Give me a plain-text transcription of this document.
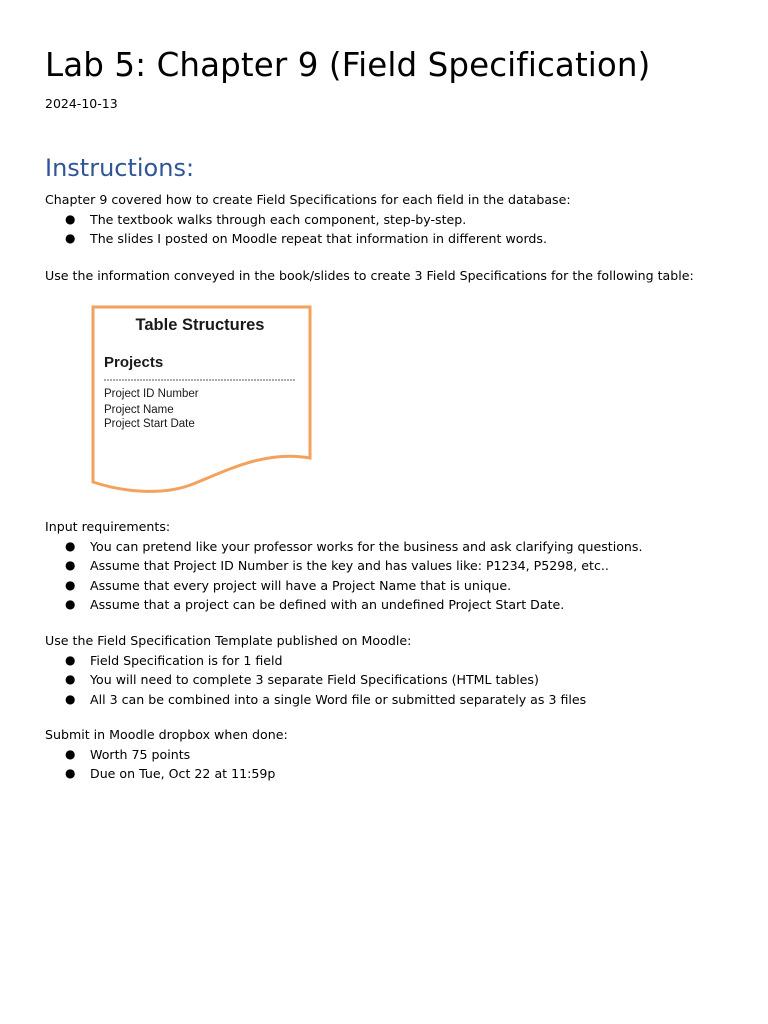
Lab 5: Chapter 9 (Field Specification)
2024-10-13
Instructions:

Chapter 9 covered how to create Field Specifications for each field in the database:

● The textbook walks through each component, step-by-step.
● The slides I posted on Moodle repeat that information in different words.

Use the information conveyed in the book/slides to create 3 Field Specifications for the following table:

Table Structures
Projects
Project ID Number
Project Name
Project Start Date

Input requirements:

● You can pretend like your professor works for the business and ask clarifying questions.
● Assume that Project ID Number is the key and has values like: P1234, P5298, etc..
● Assume that every project will have a Project Name that is unique.
● Assume that a project can be defined with an undefined Project Start Date.

Use the Field Specification Template published on Moodle:

● Field Specification is for 1 field
● You will need to complete 3 separate Field Specifications (HTML tables)
● All 3 can be combined into a single Word file or submitted separately as 3 files

Submit in Moodle dropbox when done:

● Worth 75 points
● Due on Tue, Oct 22 at 11:59p
